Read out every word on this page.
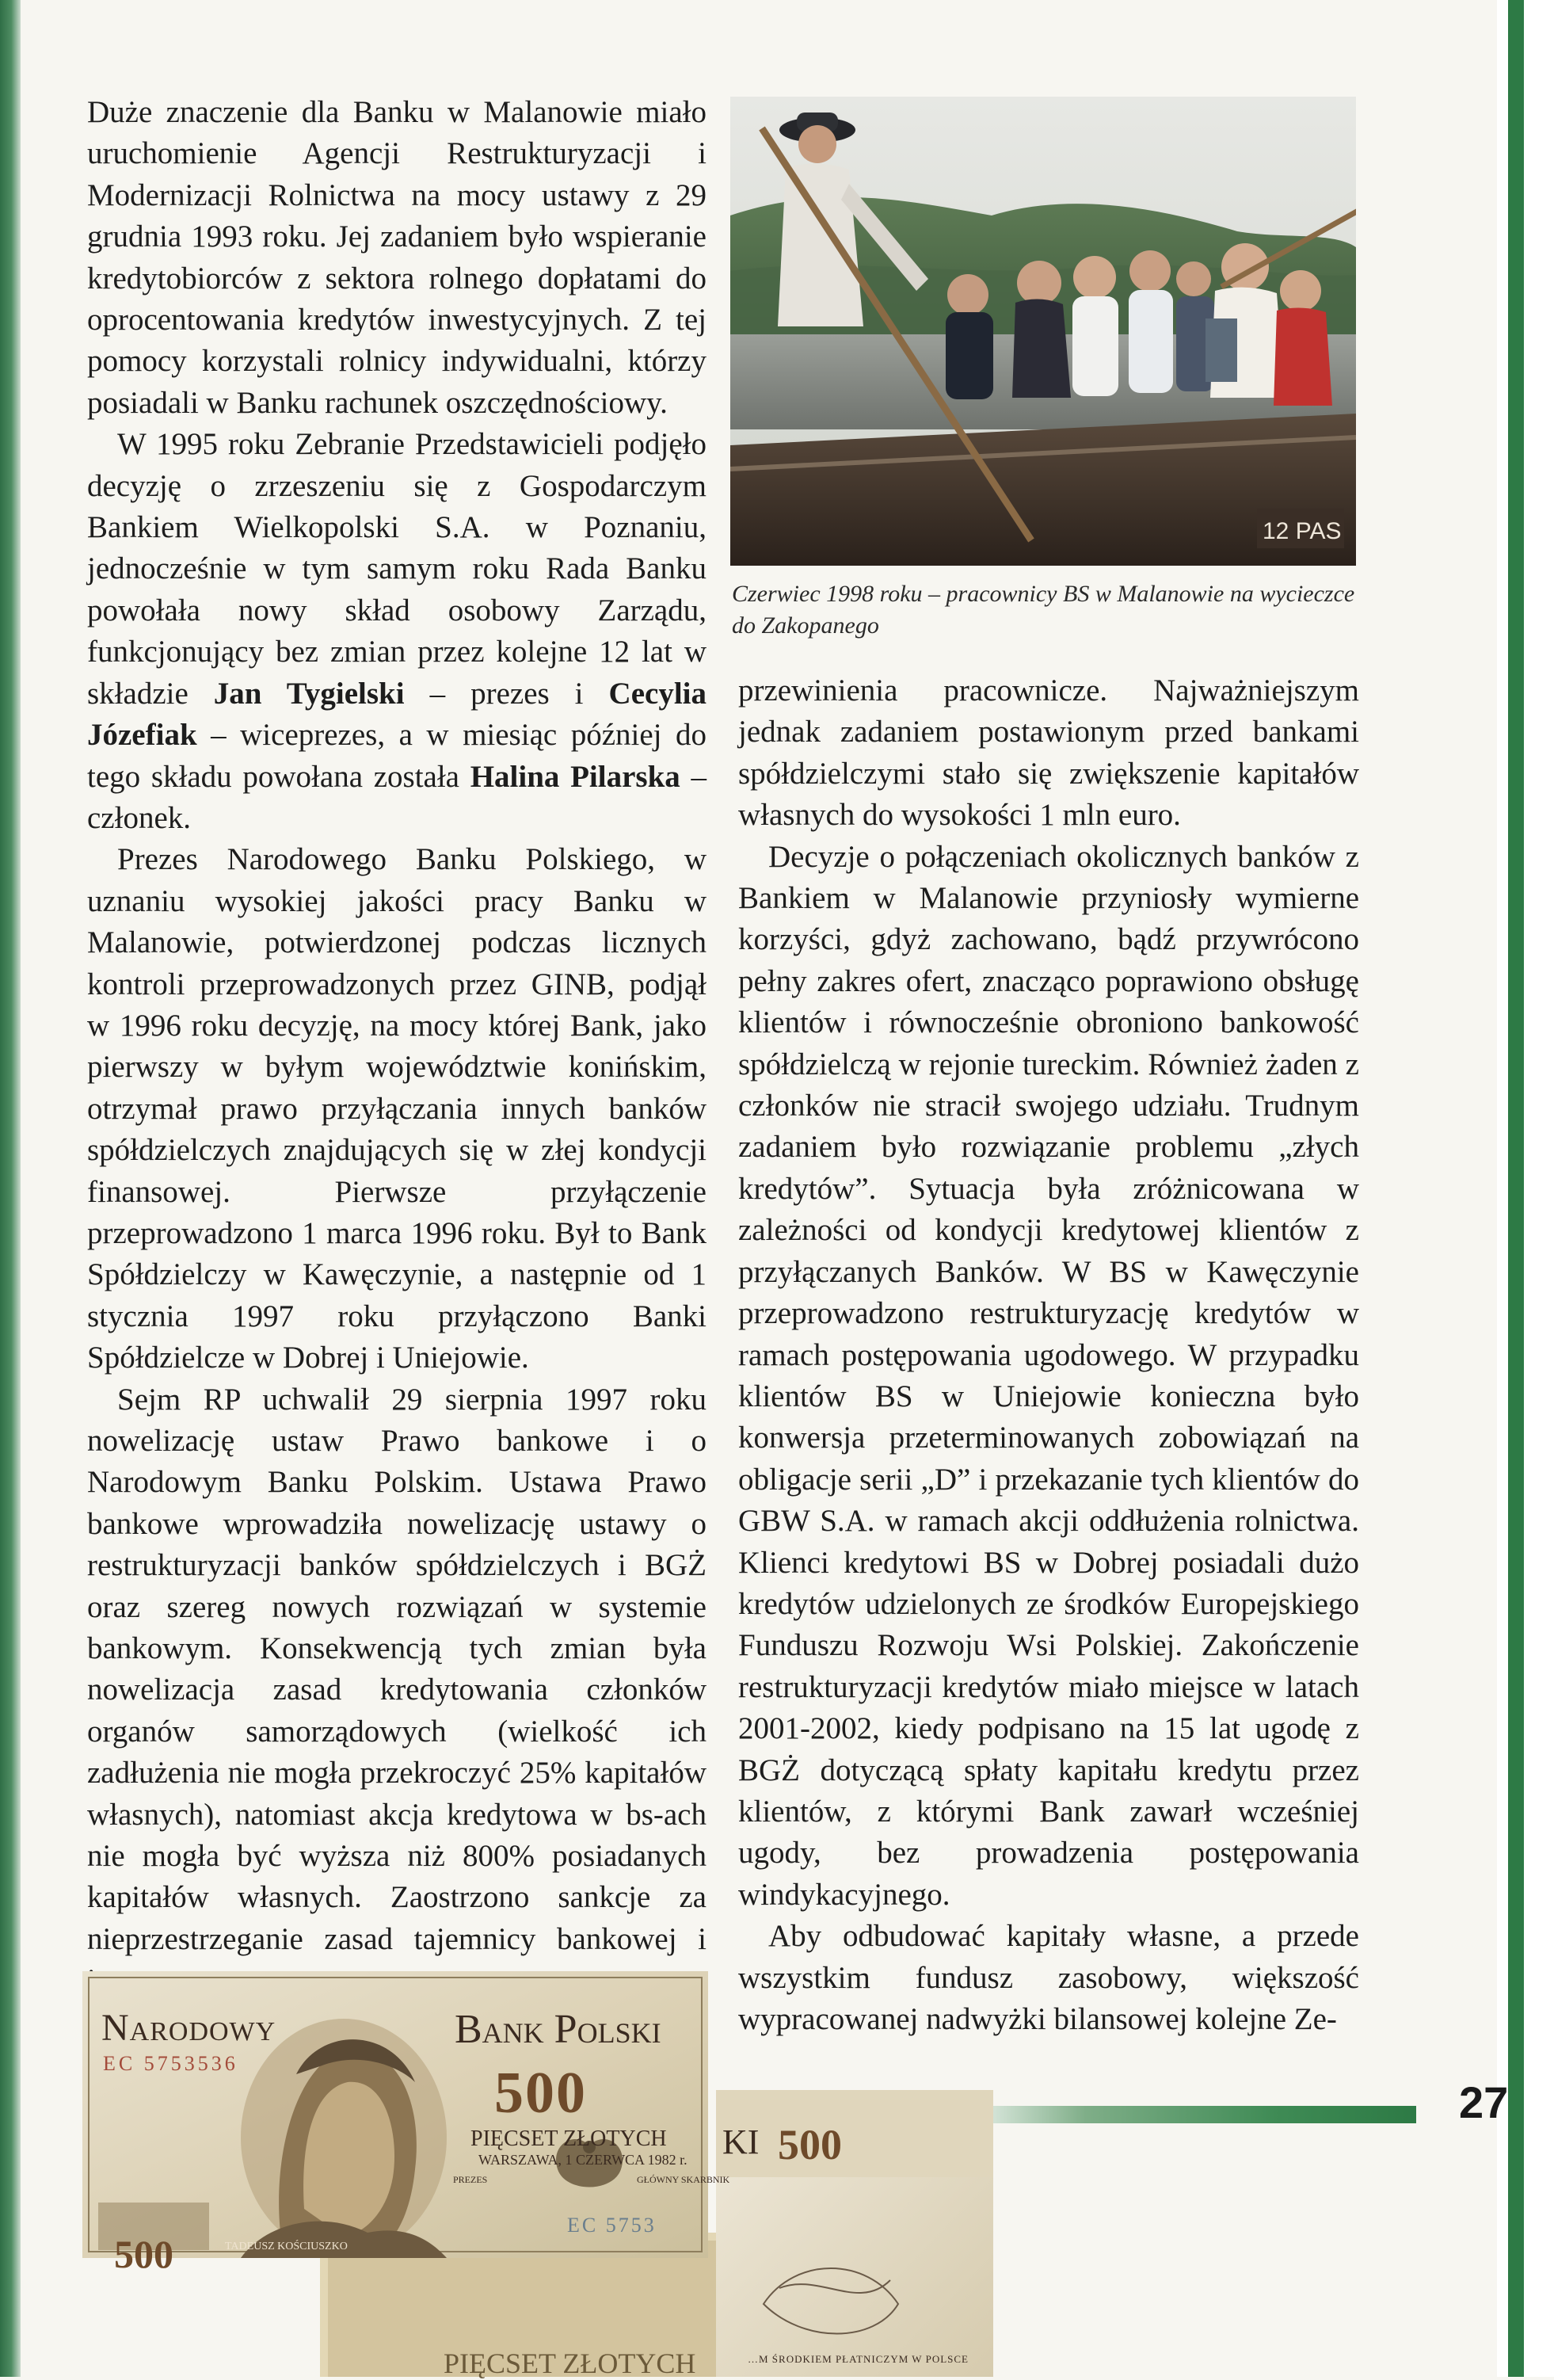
Duże znaczenie dla Banku w Malanowie miało uruchomienie Agencji Restrukturyzacji i Modernizacji Rolnictwa na mocy ustawy z 29 grudnia 1993 roku. Jej zadaniem było wspieranie kredytobiorców z sektora rolnego dopłatami do oprocentowania kredytów inwestycyjnych. Z tej pomocy korzystali rolnicy indywidualni, którzy posiadali w Banku rachunek oszczędnościowy.

W 1995 roku Zebranie Przedstawicieli podjęło decyzję o zrzeszeniu się z Gospodarczym Bankiem Wielkopolski S.A. w Poznaniu, jednocześnie w tym samym roku Rada Banku powołała nowy skład osobowy Zarządu, funkcjonujący bez zmian przez kolejne 12 lat w składzie Jan Tygielski – prezes i Cecylia Józefiak – wiceprezes, a w miesiąc później do tego składu powołana została Halina Pilarska – członek.

Prezes Narodowego Banku Polskiego, w uznaniu wysokiej jakości pracy Banku w Malanowie, potwierdzonej podczas licznych kontroli przeprowadzonych przez GINB, podjął w 1996 roku decyzję, na mocy której Bank, jako pierwszy w byłym województwie konińskim, otrzymał prawo przyłączania innych banków spółdzielczych znajdujących się w złej kondycji finansowej. Pierwsze przyłączenie przeprowadzono 1 marca 1996 roku. Był to Bank Spółdzielczy w Kawęczynie, a następnie od 1 stycznia 1997 roku przyłączono Banki Spółdzielcze w Dobrej i Uniejowie.

Sejm RP uchwalił 29 sierpnia 1997 roku nowelizację ustaw Prawo bankowe i o Narodowym Banku Polskim. Ustawa Prawo bankowe wprowadziła nowelizację ustawy o restrukturyzacji banków spółdzielczych i BGŻ oraz szereg nowych rozwiązań w systemie bankowym. Konsekwencją tych zmian była nowelizacja zasad kredytowania członków organów samorządowych (wielkość ich zadłużenia nie mogła przekroczyć 25% kapitałów własnych), natomiast akcja kredytowa w bs-ach nie mogła być wyższa niż 800% posiadanych kapitałów własnych. Zaostrzono sankcje za nieprzestrzeganie zasad tajemnicy bankowej i

12 PAS
Czerwiec 1998 roku – pracownicy BS w Malanowie na wycieczce do Zakopanego

przewinienia pracownicze. Najważniejszym jednak zadaniem postawionym przed bankami spółdzielczymi stało się zwiększenie kapitałów własnych do wysokości 1 mln euro.

Decyzje o połączeniach okolicznych banków z Bankiem w Malanowie przyniosły wymierne korzyści, gdyż zachowano, bądź przywrócono pełny zakres ofert, znacząco poprawiono obsługę klientów i równocześnie obroniono bankowość spółdzielczą w rejonie tureckim. Również żaden z członków nie stracił swojego udziału. Trudnym zadaniem było rozwiązanie problemu „złych kredytów”. Sytuacja była zróżnicowana w zależności od kondycji kredytowej klientów z przyłączanych Banków. W BS w Kawęczynie przeprowadzono restrukturyzację kredytów w ramach postępowania ugodowego. W przypadku klientów BS w Uniejowie konieczna było konwersja przeterminowanych zobowiązań na obligacje serii „D” i przekazanie tych klientów do GBW S.A. w ramach akcji oddłużenia rolnictwa. Klienci kredytowi BS w Dobrej posiadali dużo kredytów udzielonych ze środków Europejskiego Funduszu Rozwoju Wsi Polskiej. Zakończenie restrukturyzacji kredytów miało miejsce w latach 2001-2002, kiedy podpisano na 15 lat ugodę z BGŻ dotyczącą spłaty kapitału kredytu przez klientów, z którymi Bank zawarł wcześniej ugody, bez prowadzenia postępowania windykacyjnego.

Aby odbudować kapitały własne, a przede wszystkim fundusz zasobowy, większość wypracowanej nadwyżki bilansowej kolejne Ze-

27
Narodowy
EC 5753536
Bank Polski
500
PIĘCSET ZŁOTYCH
WARSZAWA, 1 CZERWCA 1982 r.
PREZES	GŁÓWNY SKARBNIK
EC 5753
TADEUSZ KOŚCIUSZKO
500
KI 500
…M ŚRODKIEM PŁATNICZYM W POLSCE
PIĘCSET ZŁOTYCH
